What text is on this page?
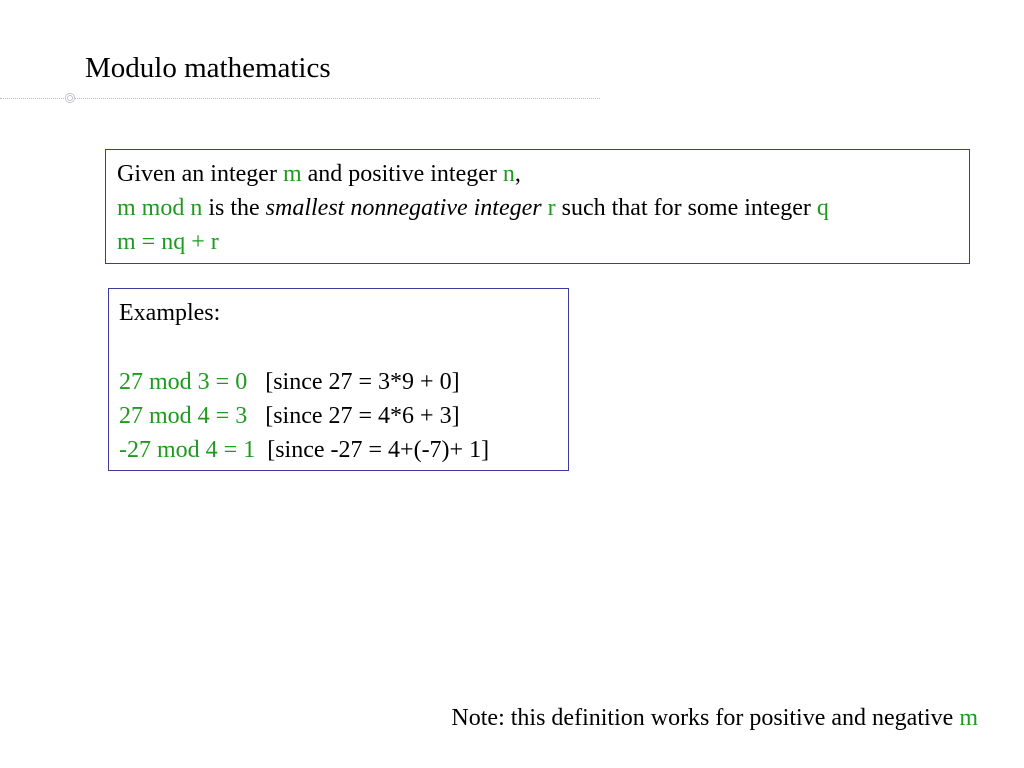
Modulo mathematics
Given an integer m and positive integer n,
m mod n is the smallest nonnegative integer r such that for some integer q
m = nq + r
Examples:
27 mod 3 = 0 [since 27 = 3*9 + 0]
27 mod 4 = 3 [since 27 = 4*6 + 3]
-27 mod 4 = 1 [since -27 = 4+(-7)+ 1]
Note: this definition works for positive and negative m
